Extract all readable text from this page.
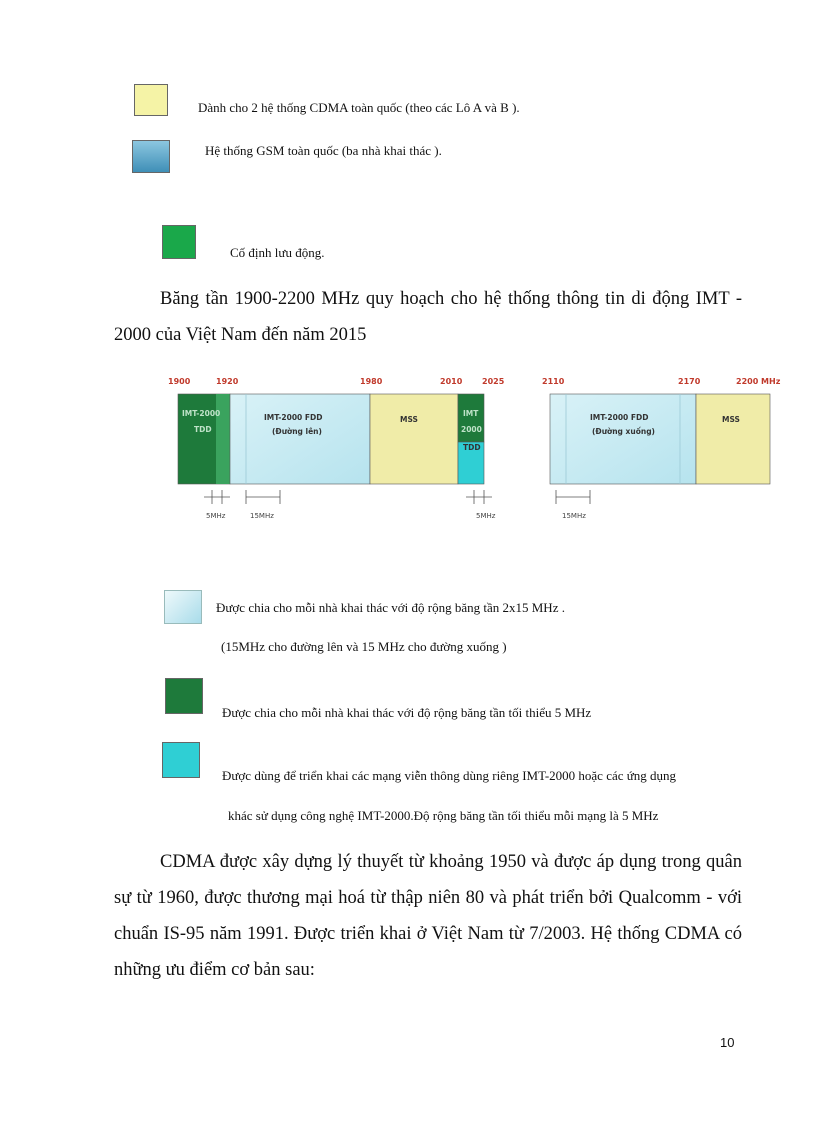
Dành cho 2 hệ thống CDMA toàn quốc (theo các Lô A và B ).
Hệ thống GSM toàn quốc (ba nhà khai thác ).
Cố định lưu động.

Băng tần 1900-2200 MHz quy hoạch cho hệ thống thông tin di động IMT - 2000 của Việt Nam đến năm 2015

1900	1920	1980	2010 2025	2110	2170	2200 MHz
IMT-2000
TDD
IMT-2000 FDD
(Đường lên)
MSS
IMT
2000
TDD
IMT-2000 FDD
(Đường xuống)
MSS
5MHz	15MHz	5MHz	15MHz
Được chia cho mỗi nhà khai thác với độ rộng băng tần 2x15 MHz .
(15MHz cho đường lên và 15 MHz cho đường xuống )
Được chia cho mỗi nhà khai thác với độ rộng băng tần tối thiểu 5 MHz
Được dùng để triển khai các mạng viễn thông dùng riêng IMT-2000 hoặc các ứng dụng
khác sử dụng công nghệ IMT-2000.Độ rộng băng tần tối thiểu mỗi mạng là 5 MHz

CDMA được xây dựng lý thuyết từ khoảng 1950 và được áp dụng trong quân sự từ 1960, được thương mại hoá từ thập niên 80 và phát triển bởi Qualcomm - với chuẩn IS-95 năm 1991. Được triển khai ở Việt Nam từ 7/2003. Hệ thống CDMA có những ưu điểm cơ bản sau:

10
